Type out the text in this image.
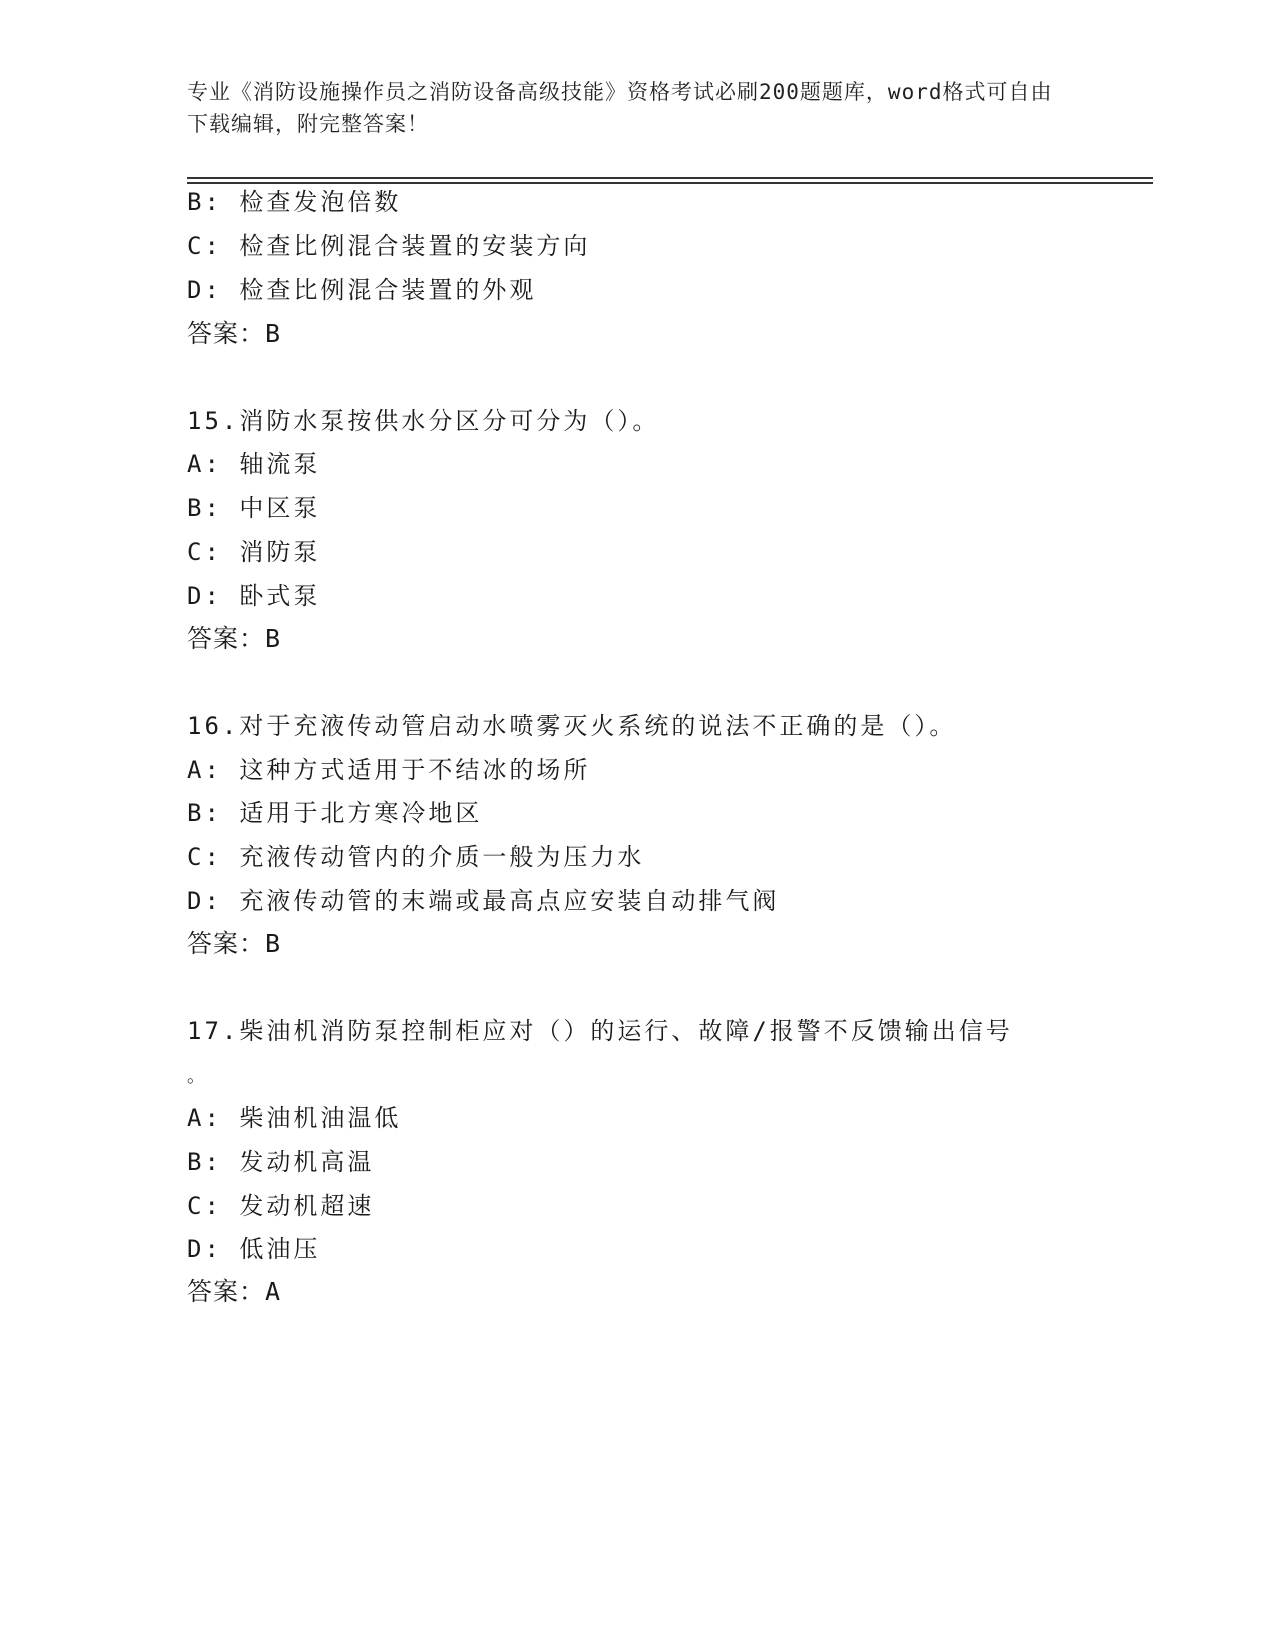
专业《消防设施操作员之消防设备高级技能》资格考试必刷200题题库，word格式可自由下载编辑，附完整答案！
B: 检查发泡倍数
C: 检查比例混合装置的安装方向
D: 检查比例混合装置的外观
答案：B
15.消防水泵按供水分区分可分为（）。
A: 轴流泵
B: 中区泵
C: 消防泵
D: 卧式泵
答案：B
16.对于充液传动管启动水喷雾灭火系统的说法不正确的是（）。
A: 这种方式适用于不结冰的场所
B: 适用于北方寒冷地区
C: 充液传动管内的介质一般为压力水
D: 充液传动管的末端或最高点应安装自动排气阀
答案：B
17.柴油机消防泵控制柜应对（）的运行、故障/报警不反馈输出信号
。
A: 柴油机油温低
B: 发动机高温
C: 发动机超速
D: 低油压
答案：A
